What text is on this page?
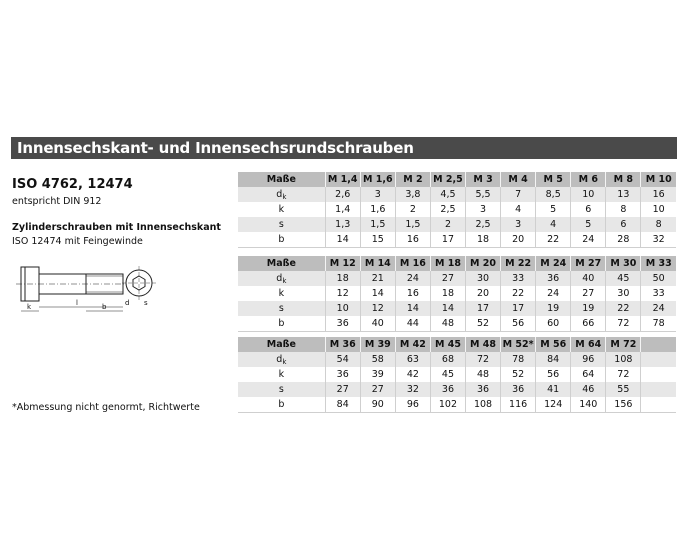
Innensechskant- und Innensechsrundschrauben
ISO 4762, 12474
entspricht DIN 912
Zylinderschrauben mit Innensechskant
ISO 12474 mit Feingewinde
l	b
k	d s
*Abmessung nicht genormt, Richtwerte
Maße	M 1,4	M 1,6	M 2	M 2,5	M 3	M 4	M 5	M 6	M 8	M 10
$d_k$	2,6	3	3,8	4,5	5,5	7	8,5	10	13	16
k	1,4	1,6	2	2,5	3	4	5	6	8	10
s	1,3	1,5	1,5	2	2,5	3	4	5	6	8
b	14	15	16	17	18	20	22	24	28	32
Maße	M 12	M 14	M 16	M 18	M 20	M 22	M 24	M 27	M 30	M 33
$d_k$	18	21	24	27	30	33	36	40	45	50
k	12	14	16	18	20	22	24	27	30	33
s	10	12	14	14	17	17	19	19	22	24
b	36	40	44	48	52	56	60	66	72	78
Maße	M 36	M 39	M 42	M 45	M 48	M 52*	M 56	M 64	M 72	
$d_k$	54	58	63	68	72	78	84	96	108	
k	36	39	42	45	48	52	56	64	72	
s	27	27	32	36	36	36	41	46	55	
b	84	90	96	102	108	116	124	140	156	
